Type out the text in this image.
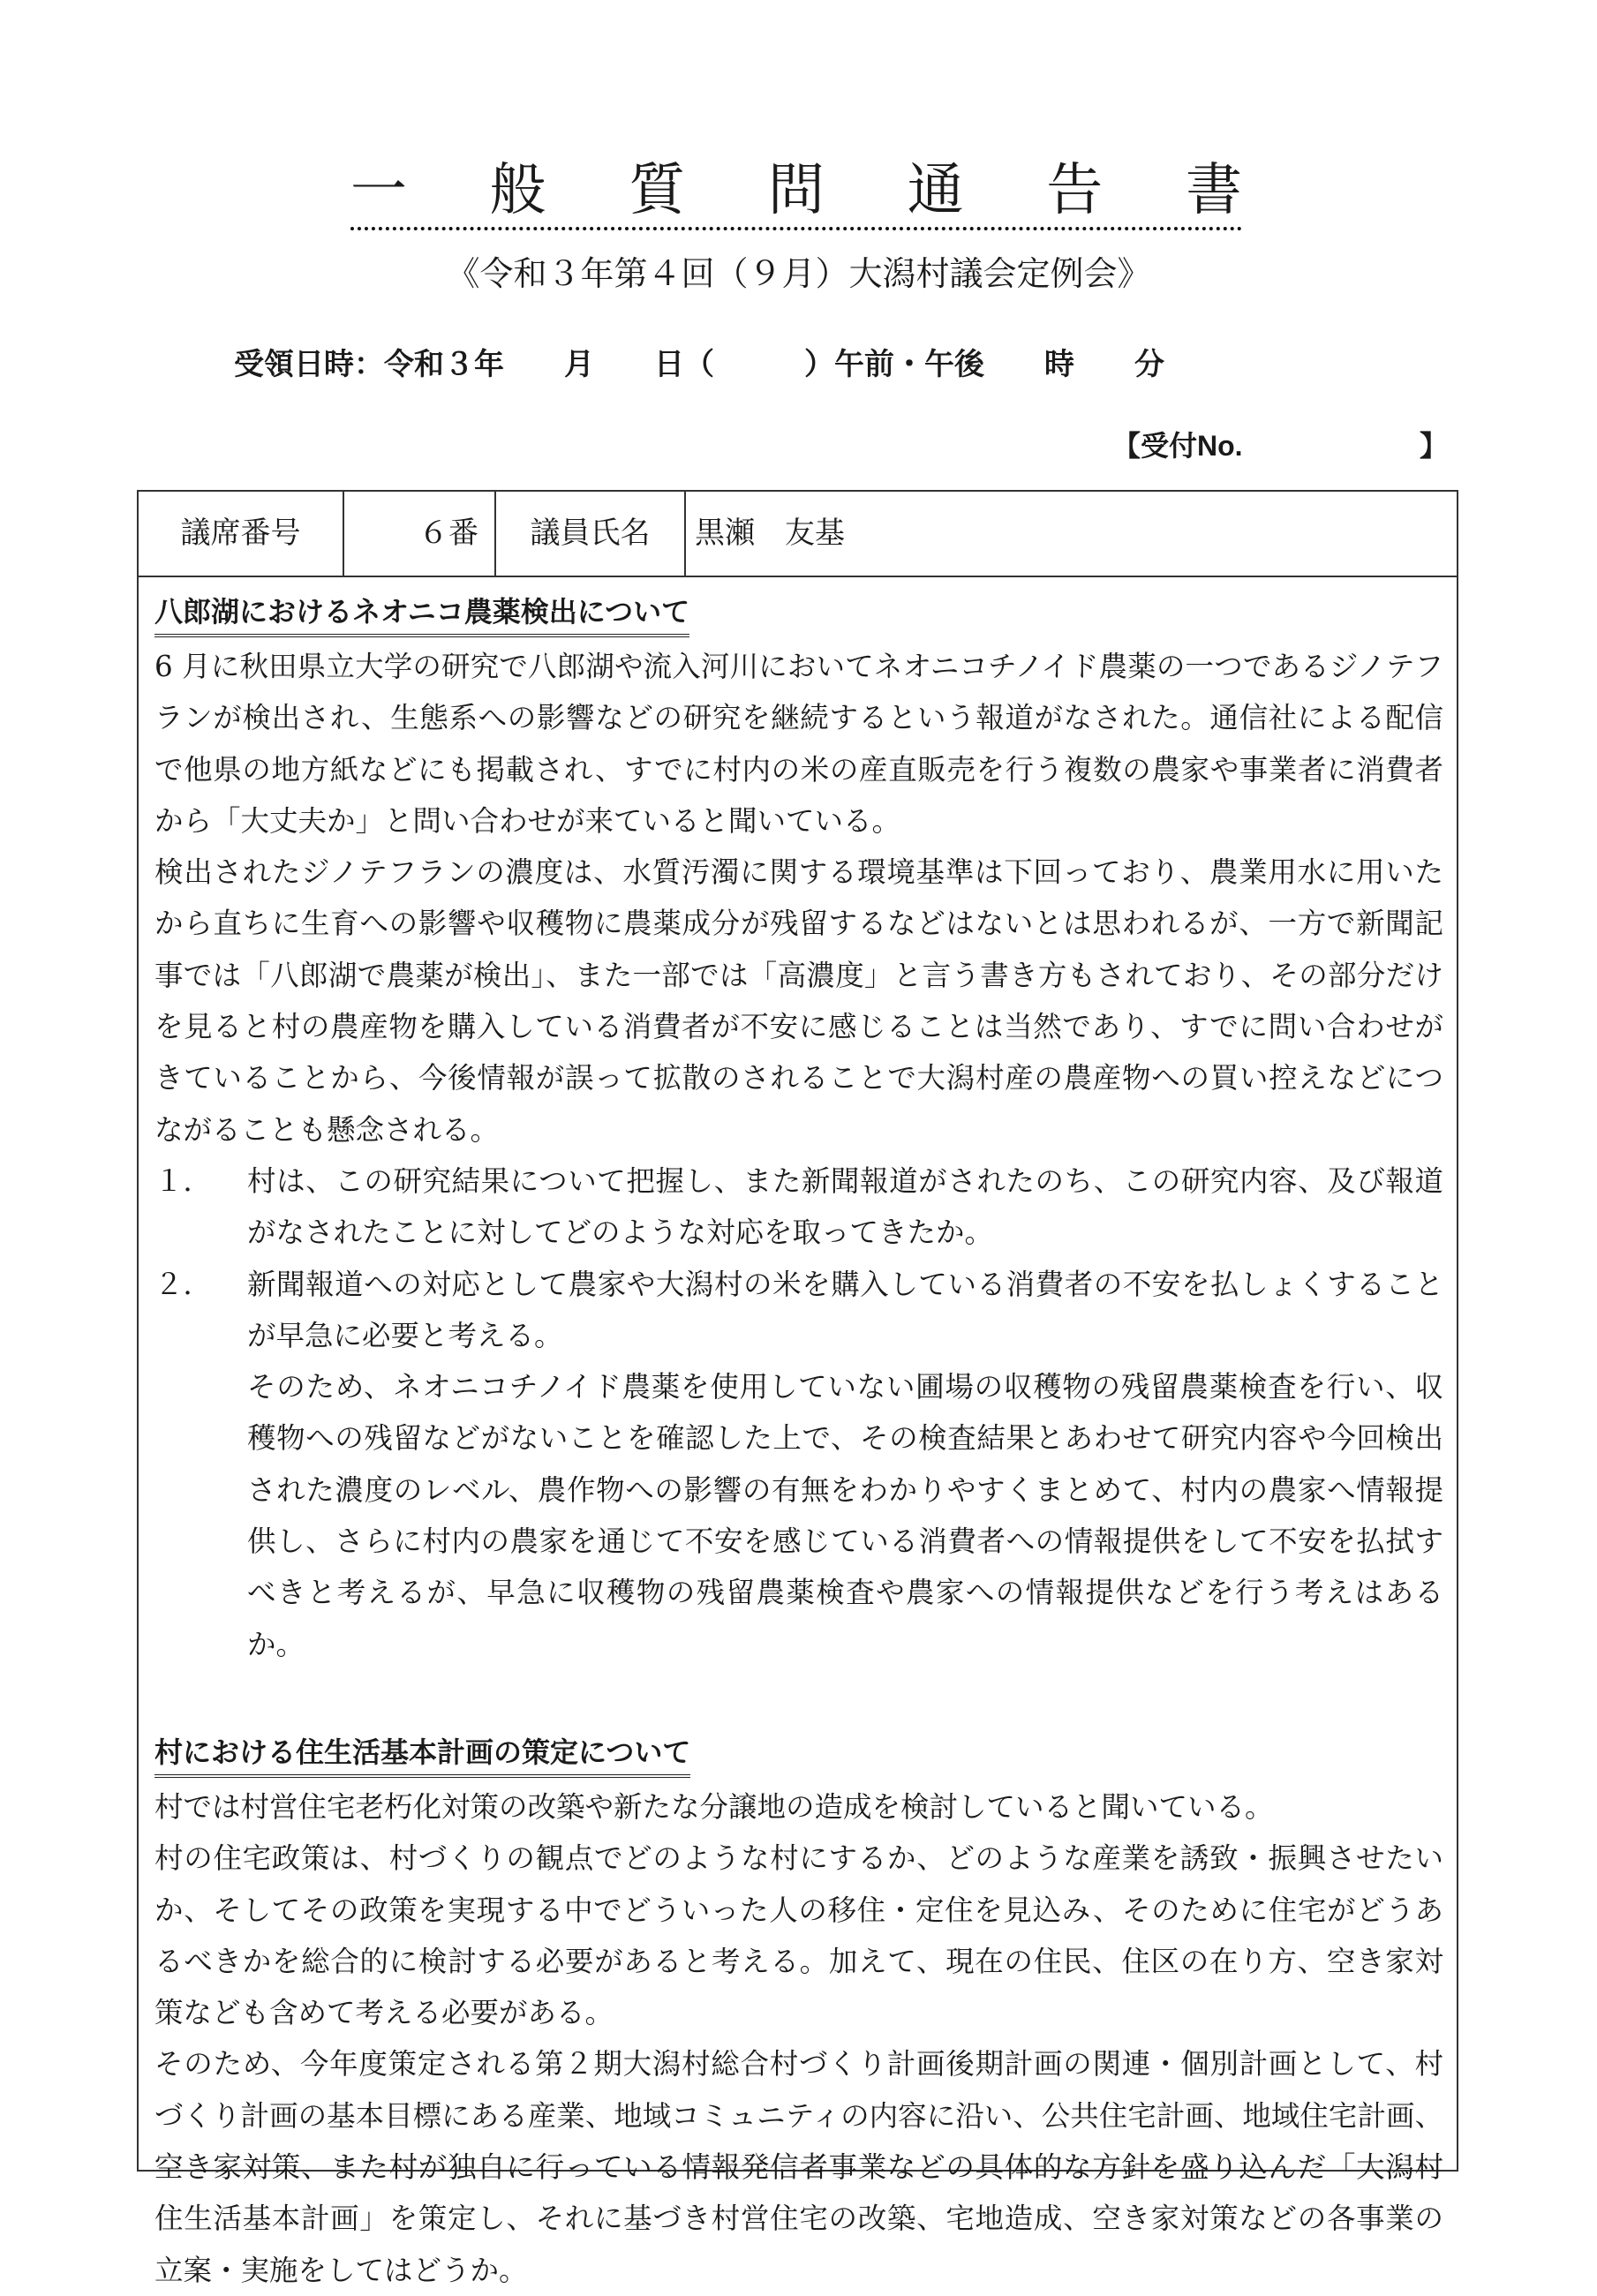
一 般 質 問 通 告 書
《令和３年第４回（９月）大潟村議会定例会》
受領日時：令和３年　　月　　日（　　　）午前・午後　　時　　分
【受付No.	】
議席番号	６番	議員氏名	黒瀬　友基
八郎湖におけるネオニコ農薬検出について

6 月に秋田県立大学の研究で八郎湖や流入河川においてネオニコチノイド農薬の一つであるジノテフランが検出され、生態系への影響などの研究を継続するという報道がなされた。通信社による配信で他県の地方紙などにも掲載され、すでに村内の米の産直販売を行う複数の農家や事業者に消費者から「大丈夫か」と問い合わせが来ていると聞いている。

検出されたジノテフランの濃度は、水質汚濁に関する環境基準は下回っており、農業用水に用いたから直ちに生育への影響や収穫物に農薬成分が残留するなどはないとは思われるが、一方で新聞記事では「八郎湖で農薬が検出」、また一部では「高濃度」と言う書き方もされており、その部分だけを見ると村の農産物を購入している消費者が不安に感じることは当然であり、すでに問い合わせがきていることから、今後情報が誤って拡散のされることで大潟村産の農産物への買い控えなどにつながることも懸念される。

１．	村は、この研究結果について把握し、また新聞報道がされたのち、この研究内容、及び報道がなされたことに対してどのような対応を取ってきたか。
２．	新聞報道への対応として農家や大潟村の米を購入している消費者の不安を払しょくすることが早急に必要と考える。

そのため、ネオニコチノイド農薬を使用していない圃場の収穫物の残留農薬検査を行い、収穫物への残留などがないことを確認した上で、その検査結果とあわせて研究内容や今回検出された濃度のレベル、農作物への影響の有無をわかりやすくまとめて、村内の農家へ情報提供し、さらに村内の農家を通じて不安を感じている消費者への情報提供をして不安を払拭すべきと考えるが、早急に収穫物の残留農薬検査や農家への情報提供などを行う考えはあるか。

村における住生活基本計画の策定について

村では村営住宅老朽化対策の改築や新たな分譲地の造成を検討していると聞いている。

村の住宅政策は、村づくりの観点でどのような村にするか、どのような産業を誘致・振興させたいか、そしてその政策を実現する中でどういった人の移住・定住を見込み、そのために住宅がどうあるべきかを総合的に検討する必要があると考える。加えて、現在の住民、住区の在り方、空き家対策なども含めて考える必要がある。

そのため、今年度策定される第２期大潟村総合村づくり計画後期計画の関連・個別計画として、村づくり計画の基本目標にある産業、地域コミュニティの内容に沿い、公共住宅計画、地域住宅計画、空き家対策、また村が独自に行っている情報発信者事業などの具体的な方針を盛り込んだ「大潟村住生活基本計画」を策定し、それに基づき村営住宅の改築、宅地造成、空き家対策などの各事業の立案・実施をしてはどうか。
